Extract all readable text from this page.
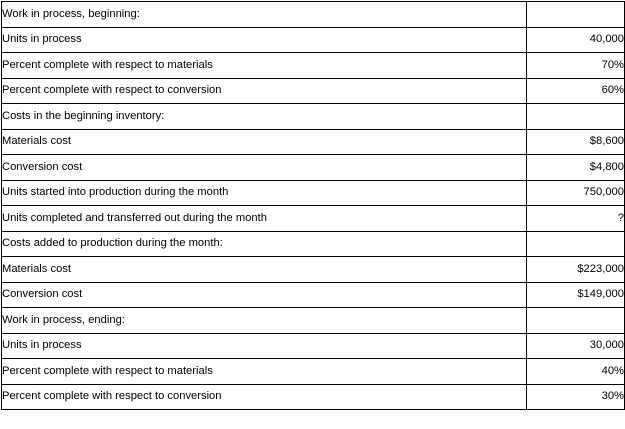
Work in process, beginning:	
Units in process	40,000
Percent complete with respect to materials	70%
Percent complete with respect to conversion	60%
Costs in the beginning inventory:	
Materials cost	$8,600
Conversion cost	$4,800
Units started into production during the month	750,000
Units completed and transferred out during the month	?
Costs added to production during the month:	
Materials cost	$223,000
Conversion cost	$149,000
Work in process, ending:	
Units in process	30,000
Percent complete with respect to materials	40%
Percent complete with respect to conversion	30%
